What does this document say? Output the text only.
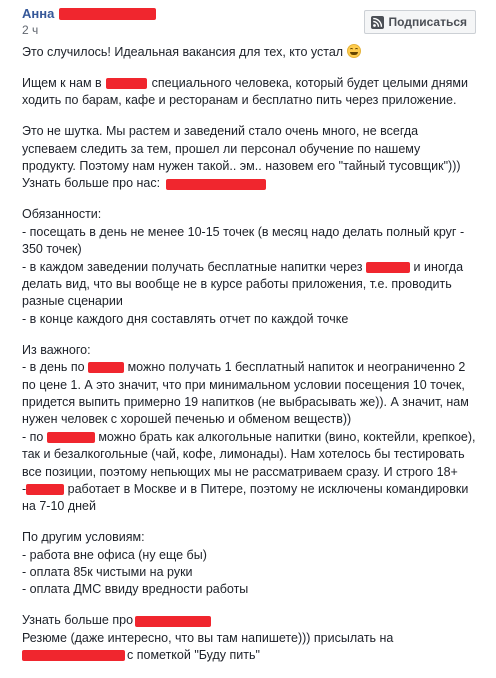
Анна
2 ч
Подписаться

Это случилось! Идеальная вакансия для тех, кто устал

Ищем к нам в	специального человека, который будет целыми днями
ходить по барам, кафе и ресторанам и бесплатно пить через приложение.

Это не шутка. Мы растем и заведений стало очень много, не всегда
успеваем следить за тем, прошел ли персонал обучение по нашему
продукту. Поэтому нам нужен такой.. эм.. назовем его "тайный тусовщик")))
Узнать больше про нас:

Обязанности:
- посещать в день не менее 10-15 точек (в месяц надо делать полный круг -
350 точек)
- в каждом заведении получать бесплатные напитки через	и иногда
делать вид, что вы вообще не в курсе работы приложения, т.е. проводить
разные сценарии
- в конце каждого дня составлять отчет по каждой точке

Из важного:
- в день по	можно получать 1 бесплатный напиток и неограниченно 2
по цене 1. А это значит, что при минимальном условии посещения 10 точек,
придется выпить примерно 19 напитков (не выбрасывать же)). А значит, нам
нужен человек с хорошей печенью и обменом веществ))
- по	можно брать как алкогольные напитки (вино, коктейли, крепкое),
так и безалкогольные (чай, кофе, лимонады). Нам хотелось бы тестировать
все позиции, поэтому непьющих мы не рассматриваем сразу. И строго 18+
-	работает в Москве и в Питере, поэтому не исключены командировки
на 7-10 дней

По другим условиям:
- работа вне офиса (ну еще бы)
- оплата 85к чистыми на руки
- оплата ДМС ввиду вредности работы

Узнать больше про
Резюме (даже интересно, что вы там напишете))) присылать на
с пометкой "Буду пить"
